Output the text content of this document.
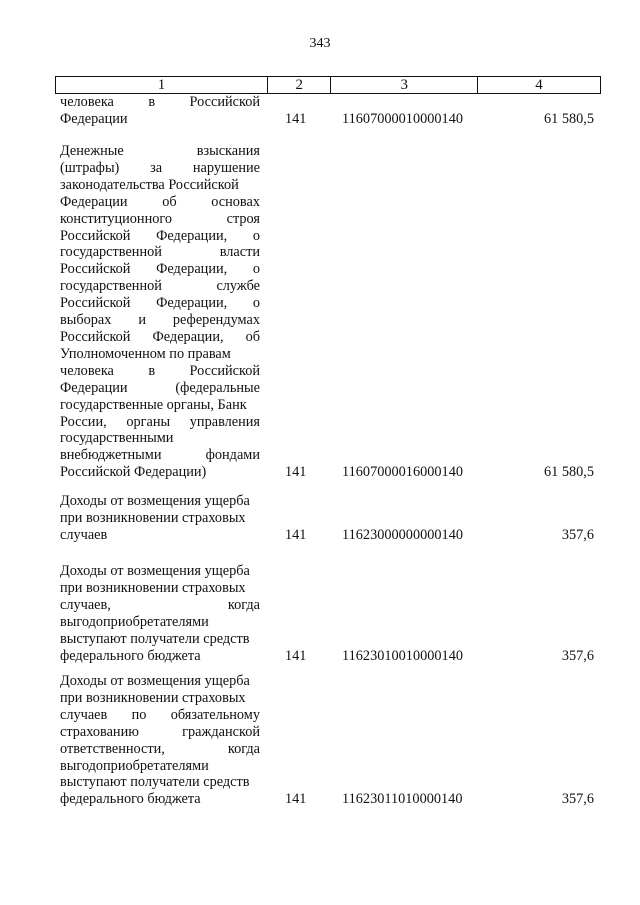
343
1	2	3	4
человека в Российской
Федерации	141	11607000010000140	61 580,5
Денежные	взыскания
(штрафы) за нарушение
законодательства Российской
Федерации об основах
конституционного	строя
Российской Федерации, о
государственной	власти
Российской Федерации, о
государственной	службе
Российской Федерации, о
выборах и референдумах
Российской Федерации, об
Уполномоченном по правам
человека в Российской
Федерации	(федеральные
государственные органы, Банк
России, органы управления
государственными
внебюджетными	фондами
Российской Федерации)	141	11607000016000140	61 580,5
Доходы от возмещения ущерба
при возникновении страховых
случаев	141	11623000000000140	357,6
Доходы от возмещения ущерба
при возникновении страховых
случаев,	когда
выгодоприобретателями
выступают получатели средств
федерального бюджета	141	11623010010000140	357,6
Доходы от возмещения ущерба
при возникновении страховых
случаев по обязательному
страхованию	гражданской
ответственности,	когда
выгодоприобретателями
выступают получатели средств
федерального бюджета	141	11623011010000140	357,6
